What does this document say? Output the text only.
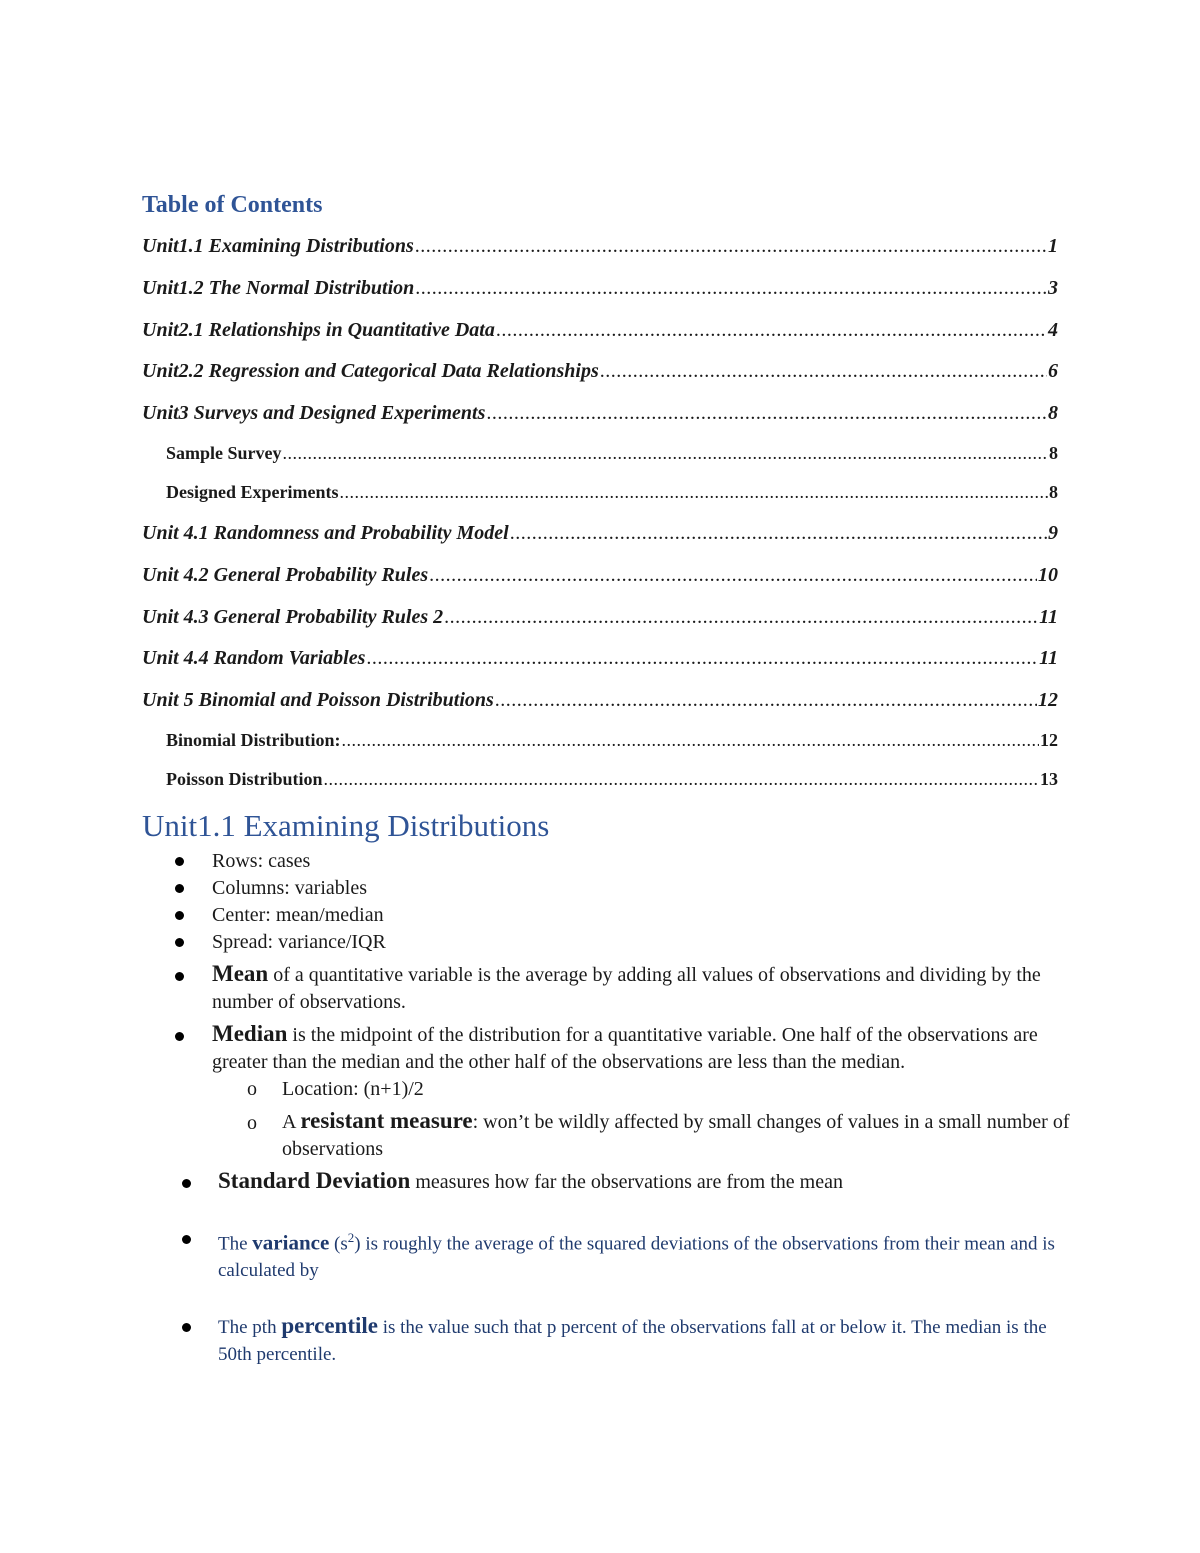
Table of Contents
Unit1.1 Examining Distributions .....	1
Unit1.2 The Normal Distribution .....	3
Unit2.1 Relationships in Quantitative Data .....	4
Unit2.2 Regression and Categorical Data Relationships .....	6
Unit3 Surveys and Designed Experiments .....	8
Sample Survey .....	8
Designed Experiments .....	8
Unit 4.1 Randomness and Probability Model .....	9
Unit 4.2 General Probability Rules .....	10
Unit 4.3 General Probability Rules 2 .....	11
Unit 4.4 Random Variables .....	11
Unit 5 Binomial and Poisson Distributions .....	12
Binomial Distribution: .....	12
Poisson Distribution .....	13
Unit1.1 Examining Distributions
Rows: cases
Columns: variables
Center: mean/median
Spread: variance/IQR
Mean of a quantitative variable is the average by adding all values of observations and dividing by the number of observations.
Median is the midpoint of the distribution for a quantitative variable. One half of the observations are greater than the median and the other half of the observations are less than the median.
o Location: (n+1)/2
o A resistant measure: won’t be wildly affected by small changes of values in a small number of observations
Standard Deviation measures how far the observations are from the mean
The variance $(s^2)$ is roughly the average of the squared deviations of the observations from their mean and is calculated by
The pth percentile is the value such that p percent of the observations fall at or below it. The median is the 50th percentile.
